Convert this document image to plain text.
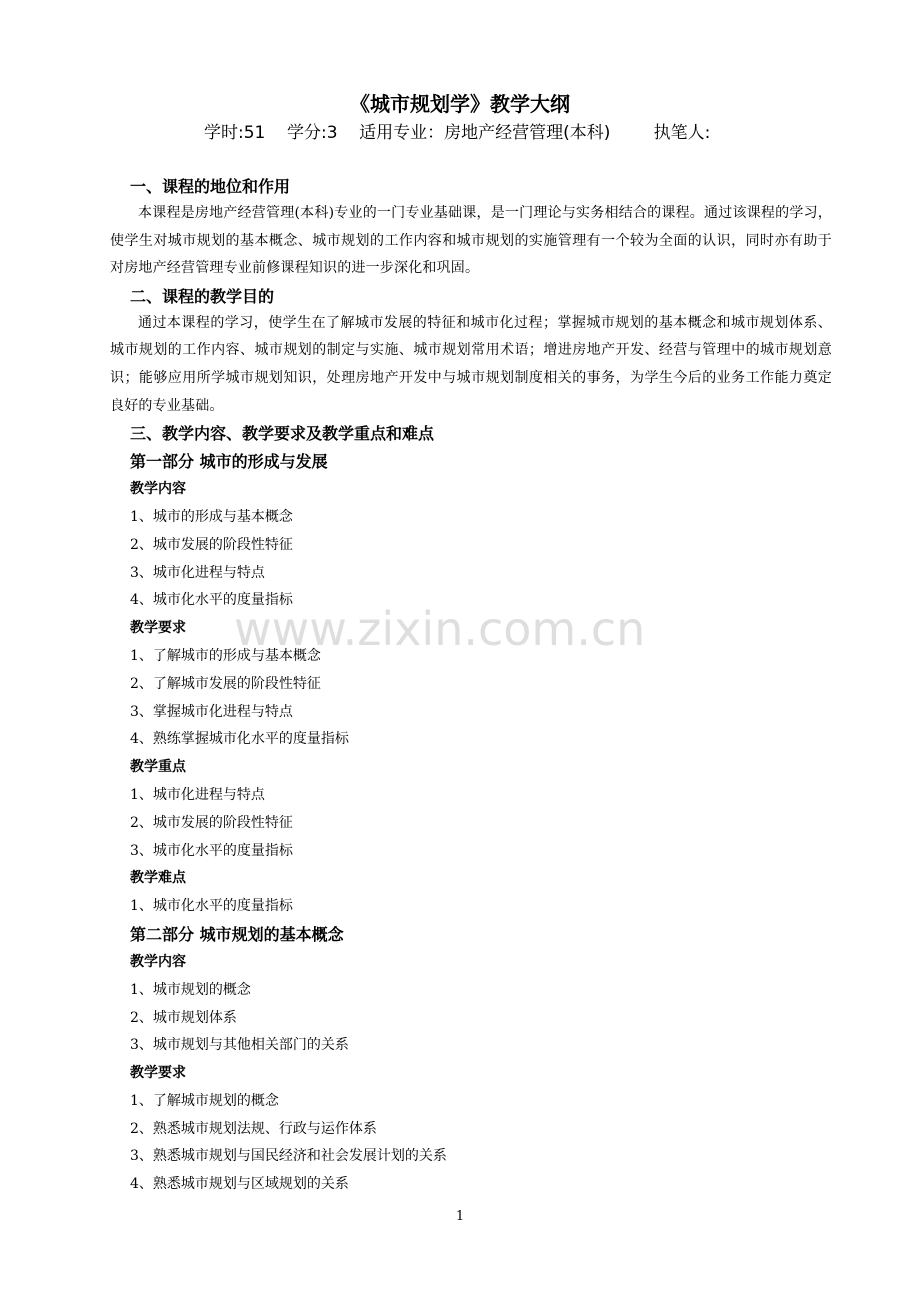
《城市规划学》教学大纲
学时:51    学分:3    适用专业：房地产经营管理(本科)        执笔人:

一、课程的地位和作用

本课程是房地产经营管理(本科)专业的一门专业基础课，是一门理论与实务相结合的课程。通过该课程的学习，使学生对城市规划的基本概念、城市规划的工作内容和城市规划的实施管理有一个较为全面的认识，同时亦有助于对房地产经营管理专业前修课程知识的进一步深化和巩固。

二、课程的教学目的

通过本课程的学习，使学生在了解城市发展的特征和城市化过程；掌握城市规划的基本概念和城市规划体系、城市规划的工作内容、城市规划的制定与实施、城市规划常用术语；增进房地产开发、经营与管理中的城市规划意识；能够应用所学城市规划知识，处理房地产开发中与城市规划制度相关的事务，为学生今后的业务工作能力奠定良好的专业基础。

三、教学内容、教学要求及教学重点和难点

第一部分 城市的形成与发展

教学内容

1、城市的形成与基本概念

2、城市发展的阶段性特征

3、城市化进程与特点

4、城市化水平的度量指标

教学要求

1、了解城市的形成与基本概念

2、了解城市发展的阶段性特征

3、掌握城市化进程与特点

4、熟练掌握城市化水平的度量指标

教学重点

1、城市化进程与特点

2、城市发展的阶段性特征

3、城市化水平的度量指标

教学难点

1、城市化水平的度量指标

第二部分 城市规划的基本概念

教学内容

1、城市规划的概念

2、城市规划体系

3、城市规划与其他相关部门的关系

教学要求

1、了解城市规划的概念

2、熟悉城市规划法规、行政与运作体系

3、熟悉城市规划与国民经济和社会发展计划的关系

4、熟悉城市规划与区域规划的关系

www.zixin.com.cn
1
